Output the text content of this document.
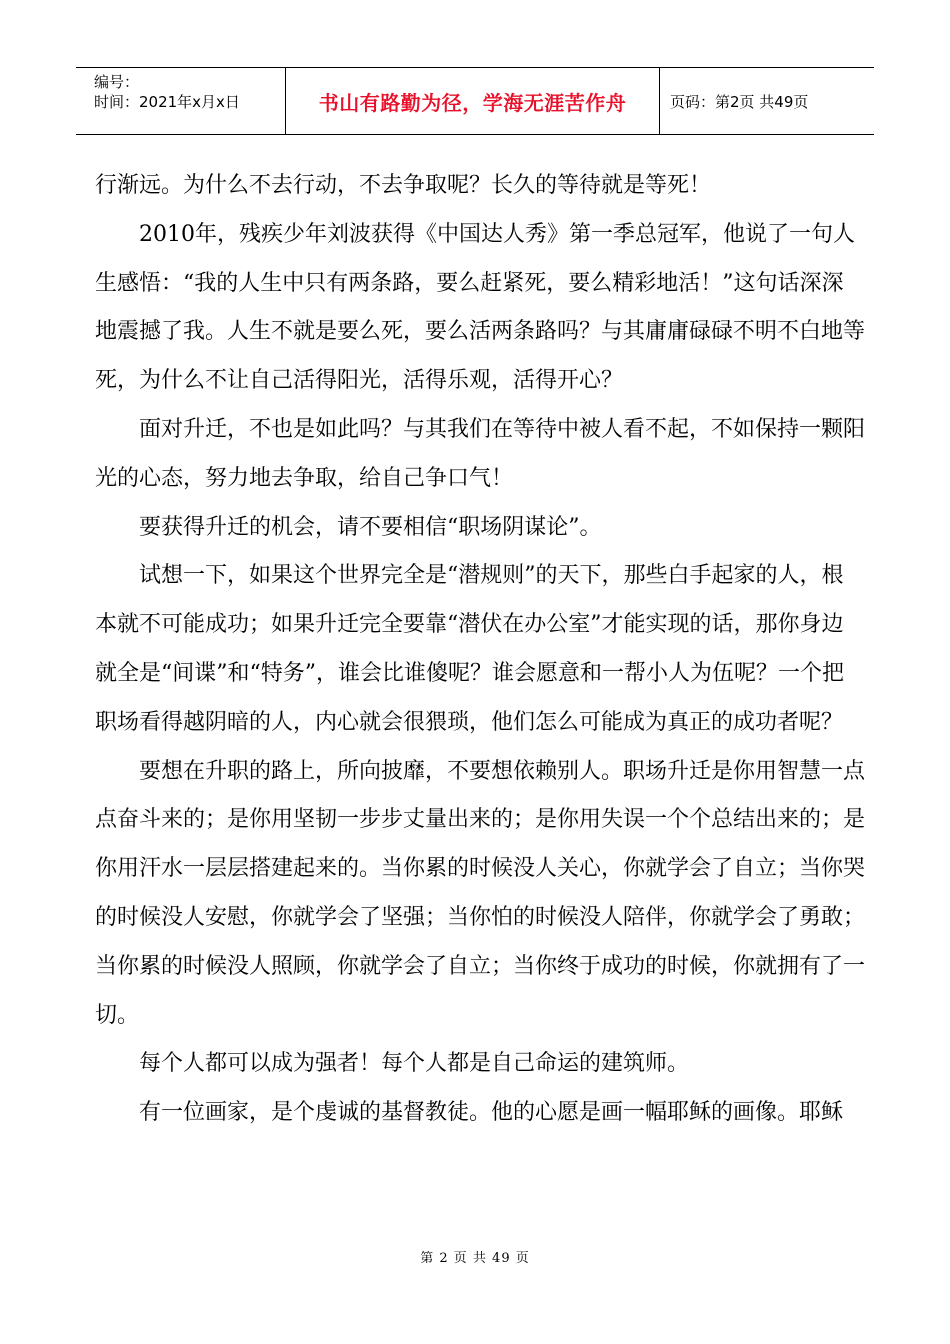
编号：
时间：2021年x月x日	书山有路勤为径，学海无涯苦作舟	页码：第2页 共49页

行渐远。为什么不去行动，不去争取呢？长久的等待就是等死！

2010年，残疾少年刘波获得《中国达人秀》第一季总冠军，他说了一句人生感悟：“我的人生中只有两条路，要么赶紧死，要么精彩地活！”这句话深深地震撼了我。人生不就是要么死，要么活两条路吗？与其庸庸碌碌不明不白地等死，为什么不让自己活得阳光，活得乐观，活得开心？

面对升迁，不也是如此吗？与其我们在等待中被人看不起，不如保持一颗阳光的心态，努力地去争取，给自己争口气！

要获得升迁的机会，请不要相信“职场阴谋论”。

试想一下，如果这个世界完全是“潜规则”的天下，那些白手起家的人，根本就不可能成功；如果升迁完全要靠“潜伏在办公室”才能实现的话，那你身边就全是“间谍”和“特务”，谁会比谁傻呢？谁会愿意和一帮小人为伍呢？一个把职场看得越阴暗的人，内心就会很猥琐，他们怎么可能成为真正的成功者呢？

要想在升职的路上，所向披靡，不要想依赖别人。职场升迁是你用智慧一点点奋斗来的；是你用坚韧一步步丈量出来的；是你用失误一个个总结出来的；是你用汗水一层层搭建起来的。当你累的时候没人关心，你就学会了自立；当你哭的时候没人安慰，你就学会了坚强；当你怕的时候没人陪伴，你就学会了勇敢；当你累的时候没人照顾，你就学会了自立；当你终于成功的时候，你就拥有了一切。

每个人都可以成为强者！每个人都是自己命运的建筑师。

有一位画家，是个虔诚的基督教徒。他的心愿是画一幅耶稣的画像。耶稣

第 2 页 共 49 页
